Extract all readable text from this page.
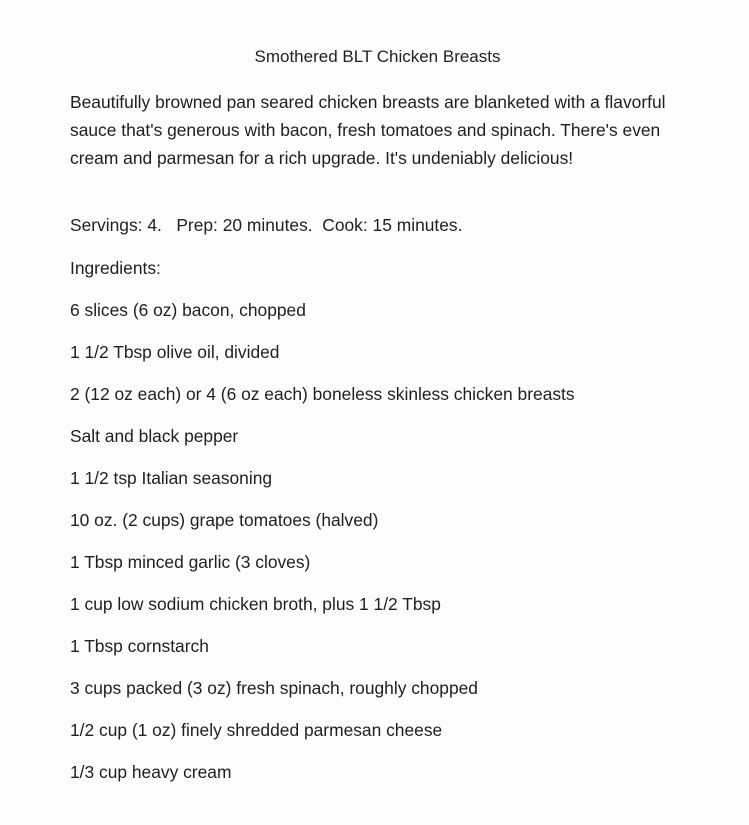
Smothered BLT Chicken Breasts

Beautifully browned pan seared chicken breasts are blanketed with a flavorful sauce that's generous with bacon, fresh tomatoes and spinach. There's even cream and parmesan for a rich upgrade. It's undeniably delicious!

Servings: 4.   Prep: 20 minutes.  Cook: 15 minutes.

Ingredients:

6 slices (6 oz) bacon, chopped
1 1/2 Tbsp olive oil, divided
2 (12 oz each) or 4 (6 oz each) boneless skinless chicken breasts
Salt and black pepper
1 1/2 tsp Italian seasoning
10 oz. (2 cups) grape tomatoes (halved)
1 Tbsp minced garlic (3 cloves)
1 cup low sodium chicken broth, plus 1 1/2 Tbsp
1 Tbsp cornstarch
3 cups packed (3 oz) fresh spinach, roughly chopped
1/2 cup (1 oz) finely shredded parmesan cheese
1/3 cup heavy cream
